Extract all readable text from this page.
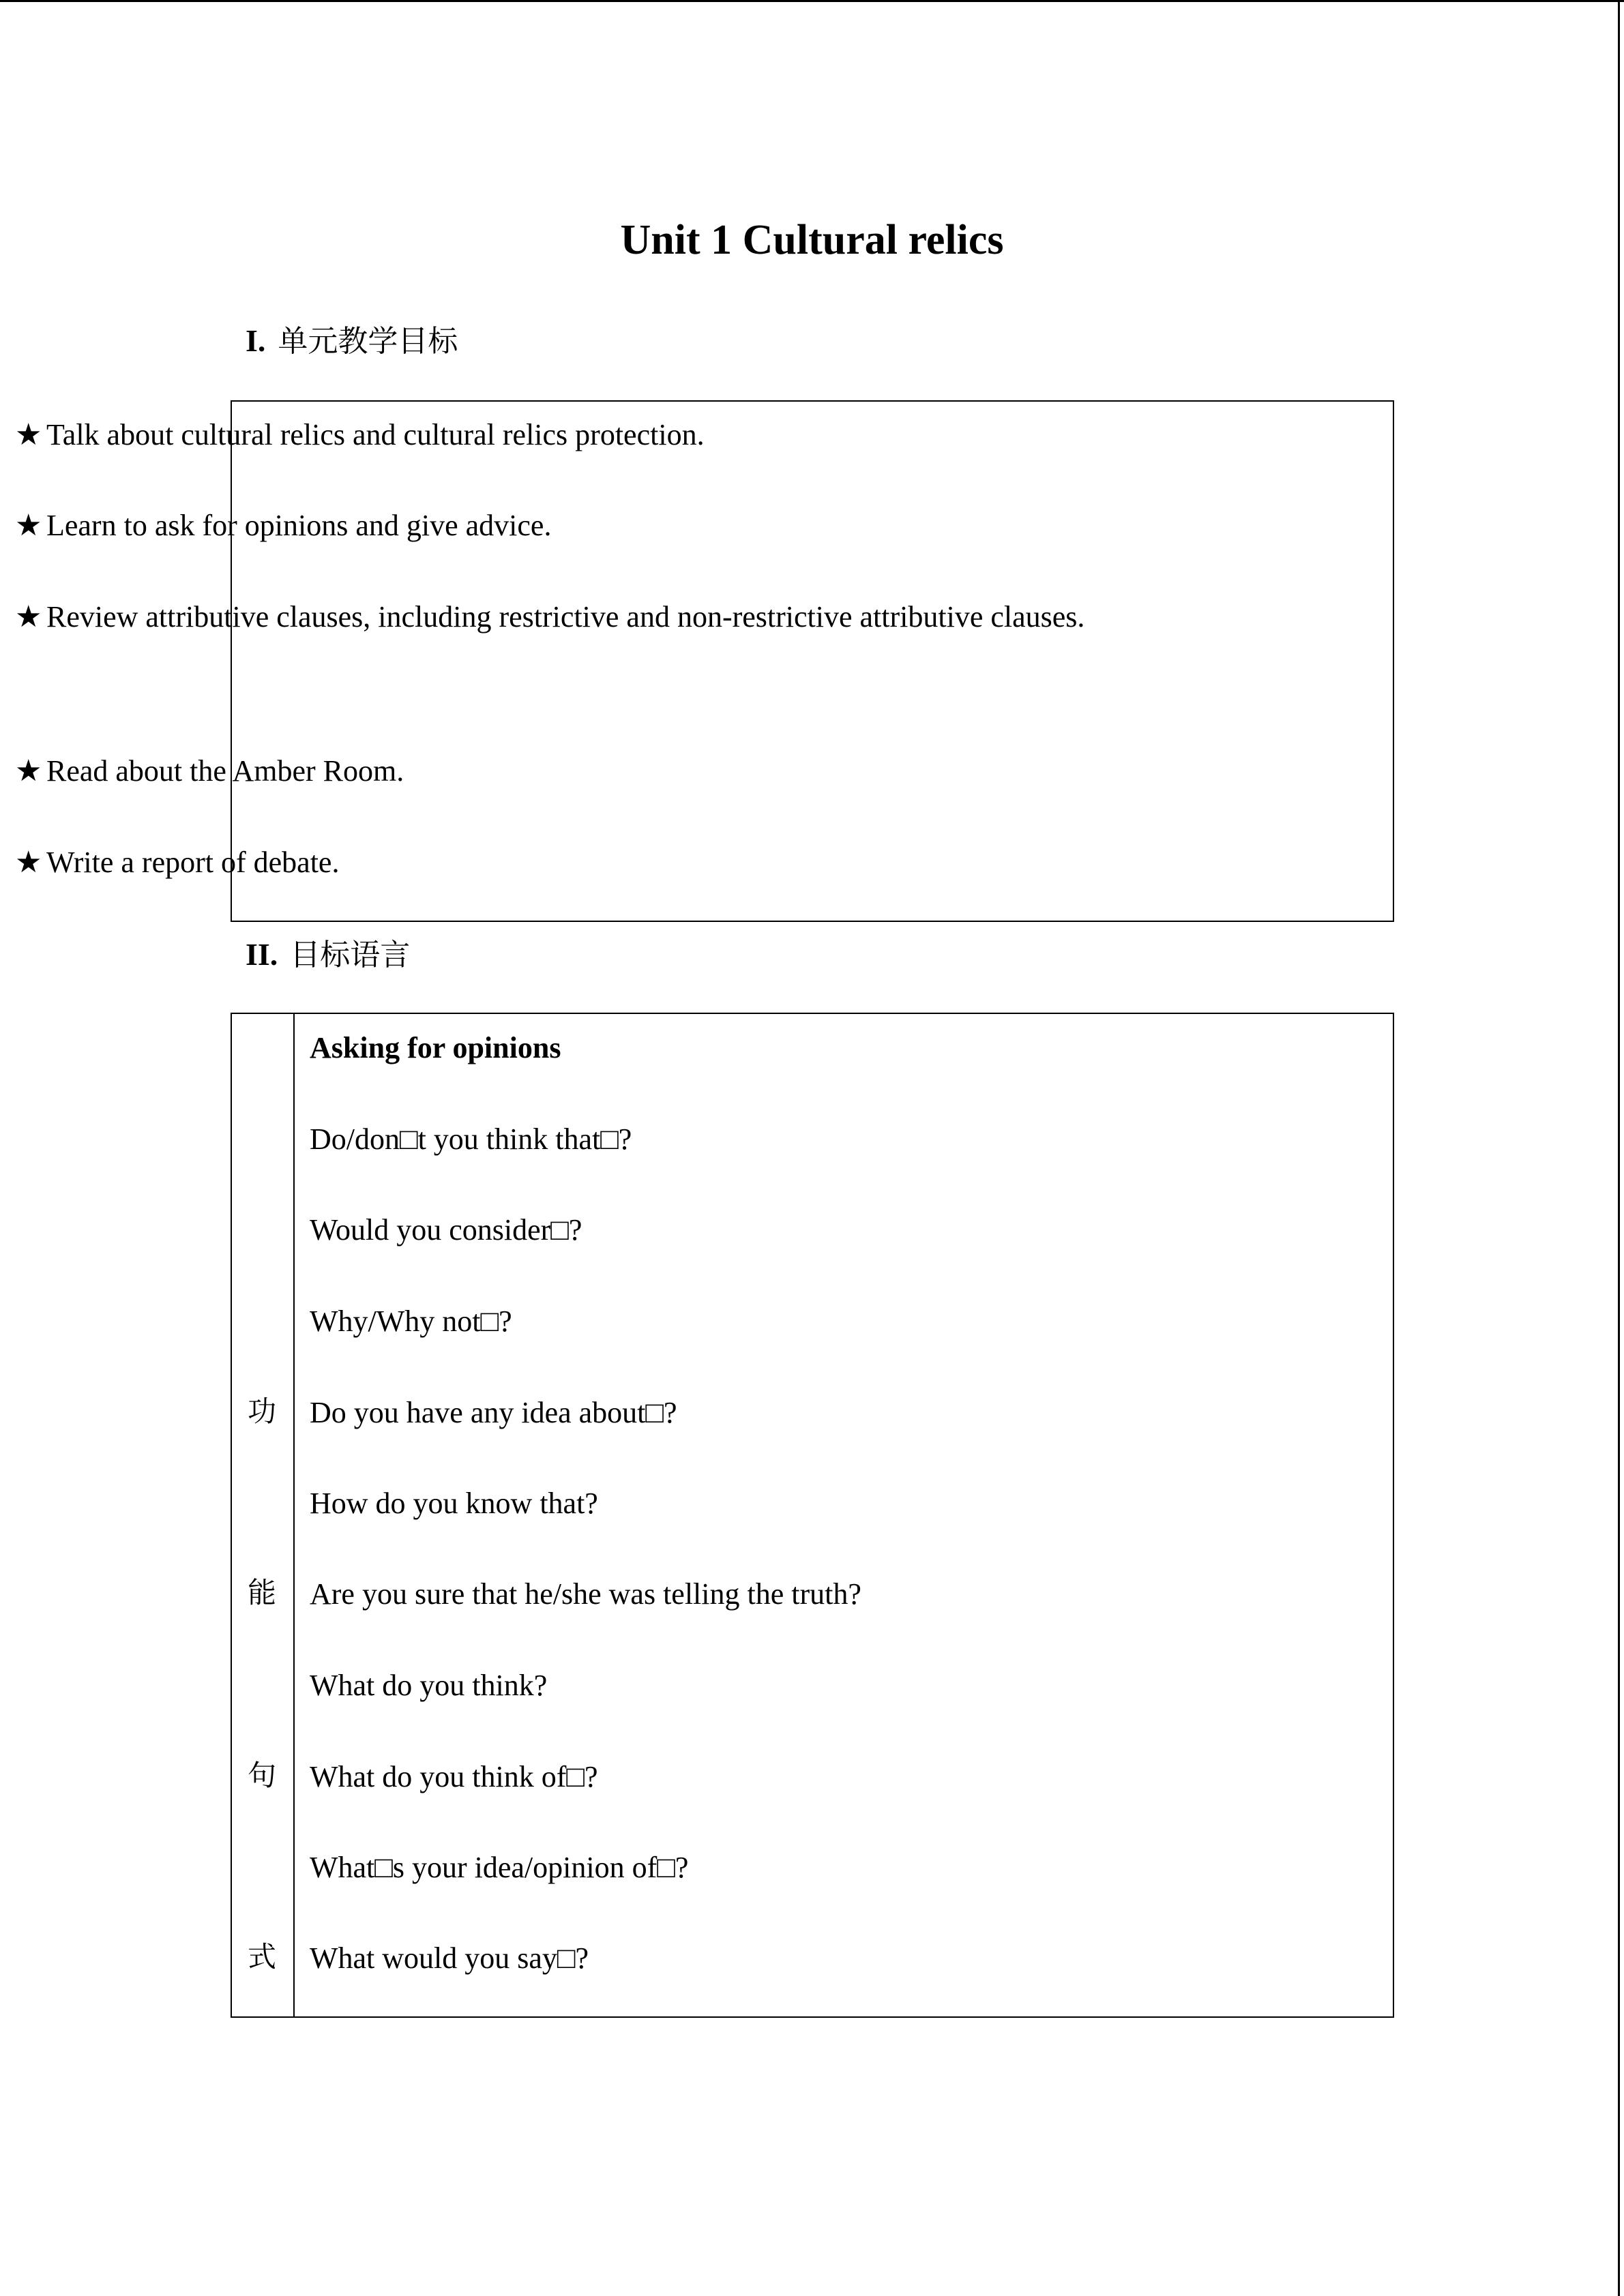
Unit 1 Cultural relics
I. 单元教学目标
★ Talk about cultural relics and cultural relics protection.
★ Learn to ask for opinions and give advice.
★ Review attributive clauses, including restrictive and non-restrictive attributive clauses.
★ Read about the Amber Room.
★ Write a report of debate.
II. 目标语言
功
能
句
式
Asking for opinions
Do/don□t you think that□?
Would you consider□?
Why/Why not□?
Do you have any idea about□?
How do you know that?
Are you sure that he/she was telling the truth?
What do you think?
What do you think of□?
What□s your idea/opinion of□?
What would you say□?
